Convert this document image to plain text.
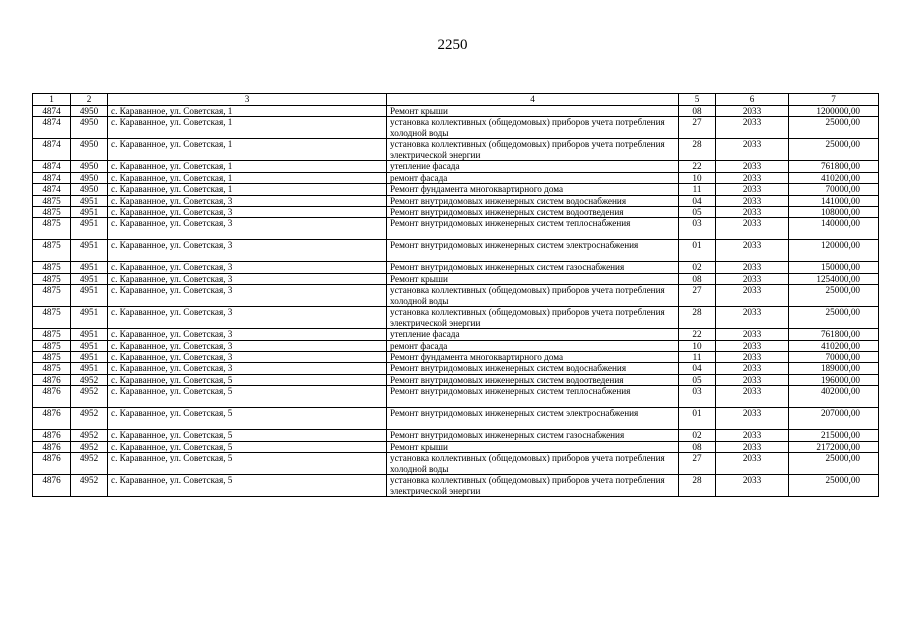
2250
1	2	3	4	5	6	7
4874	4950	с. Караванное, ул. Советская, 1	Ремонт крыши	08	2033	1200000,00
4874	4950	с. Караванное, ул. Советская, 1	установка коллективных (общедомовых) приборов учета потребления холодной воды	27	2033	25000,00
4874	4950	с. Караванное, ул. Советская, 1	установка коллективных (общедомовых) приборов учета потребления электрической энергии	28	2033	25000,00
4874	4950	с. Караванное, ул. Советская, 1	утепление фасада	22	2033	761800,00
4874	4950	с. Караванное, ул. Советская, 1	ремонт фасада	10	2033	410200,00
4874	4950	с. Караванное, ул. Советская, 1	Ремонт фундамента многоквартирного дома	11	2033	70000,00
4875	4951	с. Караванное, ул. Советская, 3	Ремонт внутридомовых инженерных систем водоснабжения	04	2033	141000,00
4875	4951	с. Караванное, ул. Советская, 3	Ремонт внутридомовых инженерных систем водоотведения	05	2033	108000,00
4875	4951	с. Караванное, ул. Советская, 3	Ремонт внутридомовых инженерных систем теплоснабжения	03	2033	140000,00
4875	4951	с. Караванное, ул. Советская, 3	Ремонт внутридомовых инженерных систем электроснабжения	01	2033	120000,00
4875	4951	с. Караванное, ул. Советская, 3	Ремонт внутридомовых инженерных систем газоснабжения	02	2033	150000,00
4875	4951	с. Караванное, ул. Советская, 3	Ремонт крыши	08	2033	1254000,00
4875	4951	с. Караванное, ул. Советская, 3	установка коллективных (общедомовых) приборов учета потребления холодной воды	27	2033	25000,00
4875	4951	с. Караванное, ул. Советская, 3	установка коллективных (общедомовых) приборов учета потребления электрической энергии	28	2033	25000,00
4875	4951	с. Караванное, ул. Советская, 3	утепление фасада	22	2033	761800,00
4875	4951	с. Караванное, ул. Советская, 3	ремонт фасада	10	2033	410200,00
4875	4951	с. Караванное, ул. Советская, 3	Ремонт фундамента многоквартирного дома	11	2033	70000,00
4875	4951	с. Караванное, ул. Советская, 3	Ремонт внутридомовых инженерных систем водоснабжения	04	2033	189000,00
4876	4952	с. Караванное, ул. Советская, 5	Ремонт внутридомовых инженерных систем водоотведения	05	2033	196000,00
4876	4952	с. Караванное, ул. Советская, 5	Ремонт внутридомовых инженерных систем теплоснабжения	03	2033	402000,00
4876	4952	с. Караванное, ул. Советская, 5	Ремонт внутридомовых инженерных систем электроснабжения	01	2033	207000,00
4876	4952	с. Караванное, ул. Советская, 5	Ремонт внутридомовых инженерных систем газоснабжения	02	2033	215000,00
4876	4952	с. Караванное, ул. Советская, 5	Ремонт крыши	08	2033	2172000,00
4876	4952	с. Караванное, ул. Советская, 5	установка коллективных (общедомовых) приборов учета потребления холодной воды	27	2033	25000,00
4876	4952	с. Караванное, ул. Советская, 5	установка коллективных (общедомовых) приборов учета потребления электрической энергии	28	2033	25000,00
